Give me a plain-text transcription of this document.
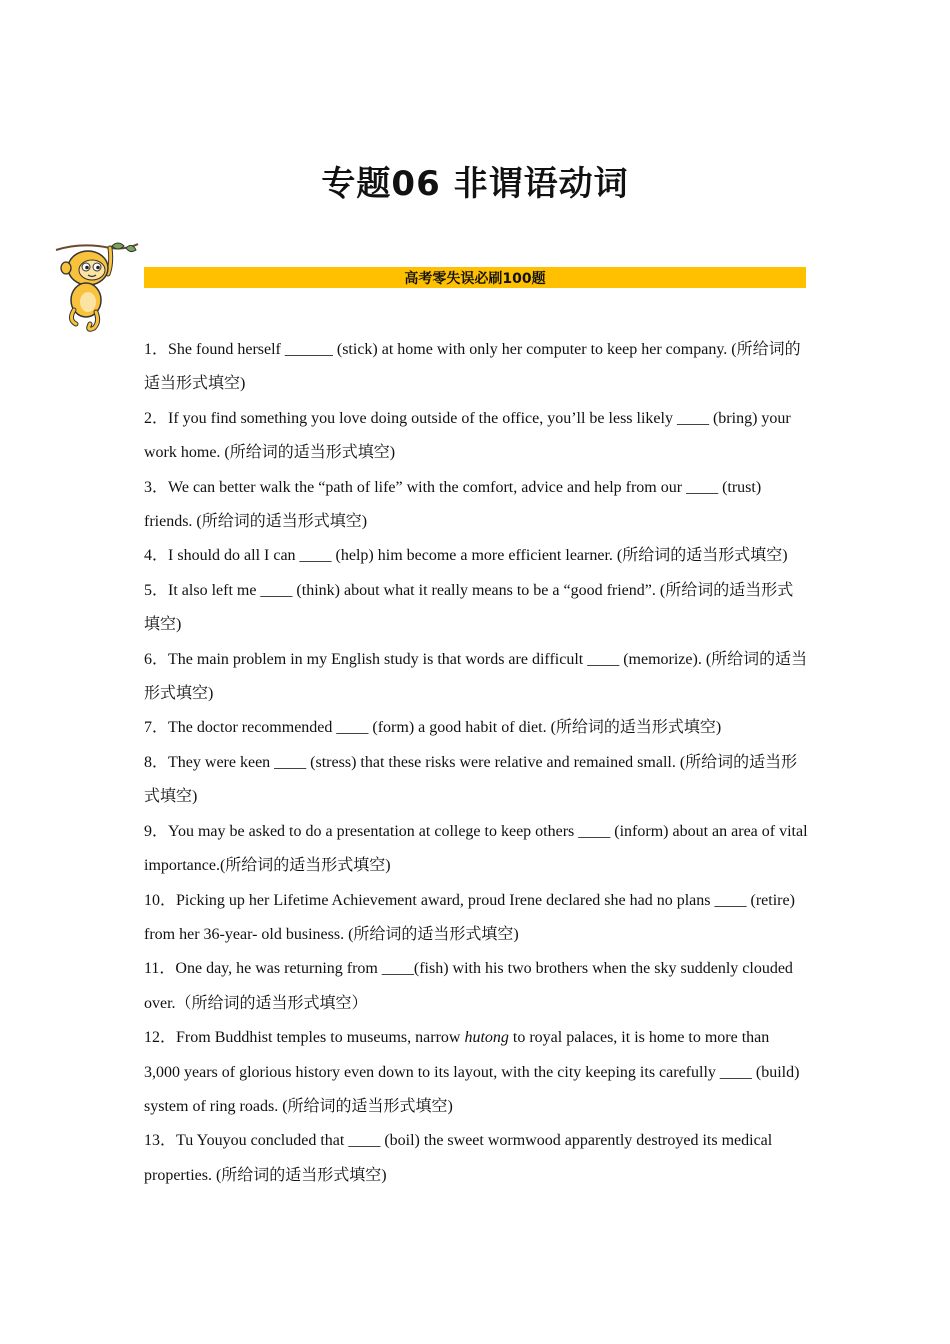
专题06 非谓语动词
高考零失误必刷100题

1．She found herself ______ (stick) at home with only her computer to keep her company. (所给词的适当形式填空)

2．If you find something you love doing outside of the office, you’ll be less likely ____ (bring) your work home. (所给词的适当形式填空)

3．We can better walk the “path of life” with the comfort, advice and help from our ____ (trust) friends. (所给词的适当形式填空)

4．I should do all I can ____ (help) him become a more efficient learner. (所给词的适当形式填空)

5．It also left me ____ (think) about what it really means to be a “good friend”. (所给词的适当形式填空)

6．The main problem in my English study is that words are difficult ____ (memorize). (所给词的适当形式填空)

7．The doctor recommended ____ (form) a good habit of diet. (所给词的适当形式填空)

8．They were keen ____ (stress) that these risks were relative and remained small. (所给词的适当形式填空)

9．You may be asked to do a presentation at college to keep others ____ (inform) about an area of vital importance.(所给词的适当形式填空)

10．Picking up her Lifetime Achievement award, proud Irene declared she had no plans ____ (retire) from her 36-year- old business. (所给词的适当形式填空)

11．One day, he was returning from ____(fish) with his two brothers when the sky suddenly clouded over.（所给词的适当形式填空）

12．From Buddhist temples to museums, narrow hutong to royal palaces, it is home to more than 3,000 years of glorious history even down to its layout, with the city keeping its carefully ____ (build) system of ring roads. (所给词的适当形式填空)

13．Tu Youyou concluded that ____ (boil) the sweet wormwood apparently destroyed its medical properties. (所给词的适当形式填空)
